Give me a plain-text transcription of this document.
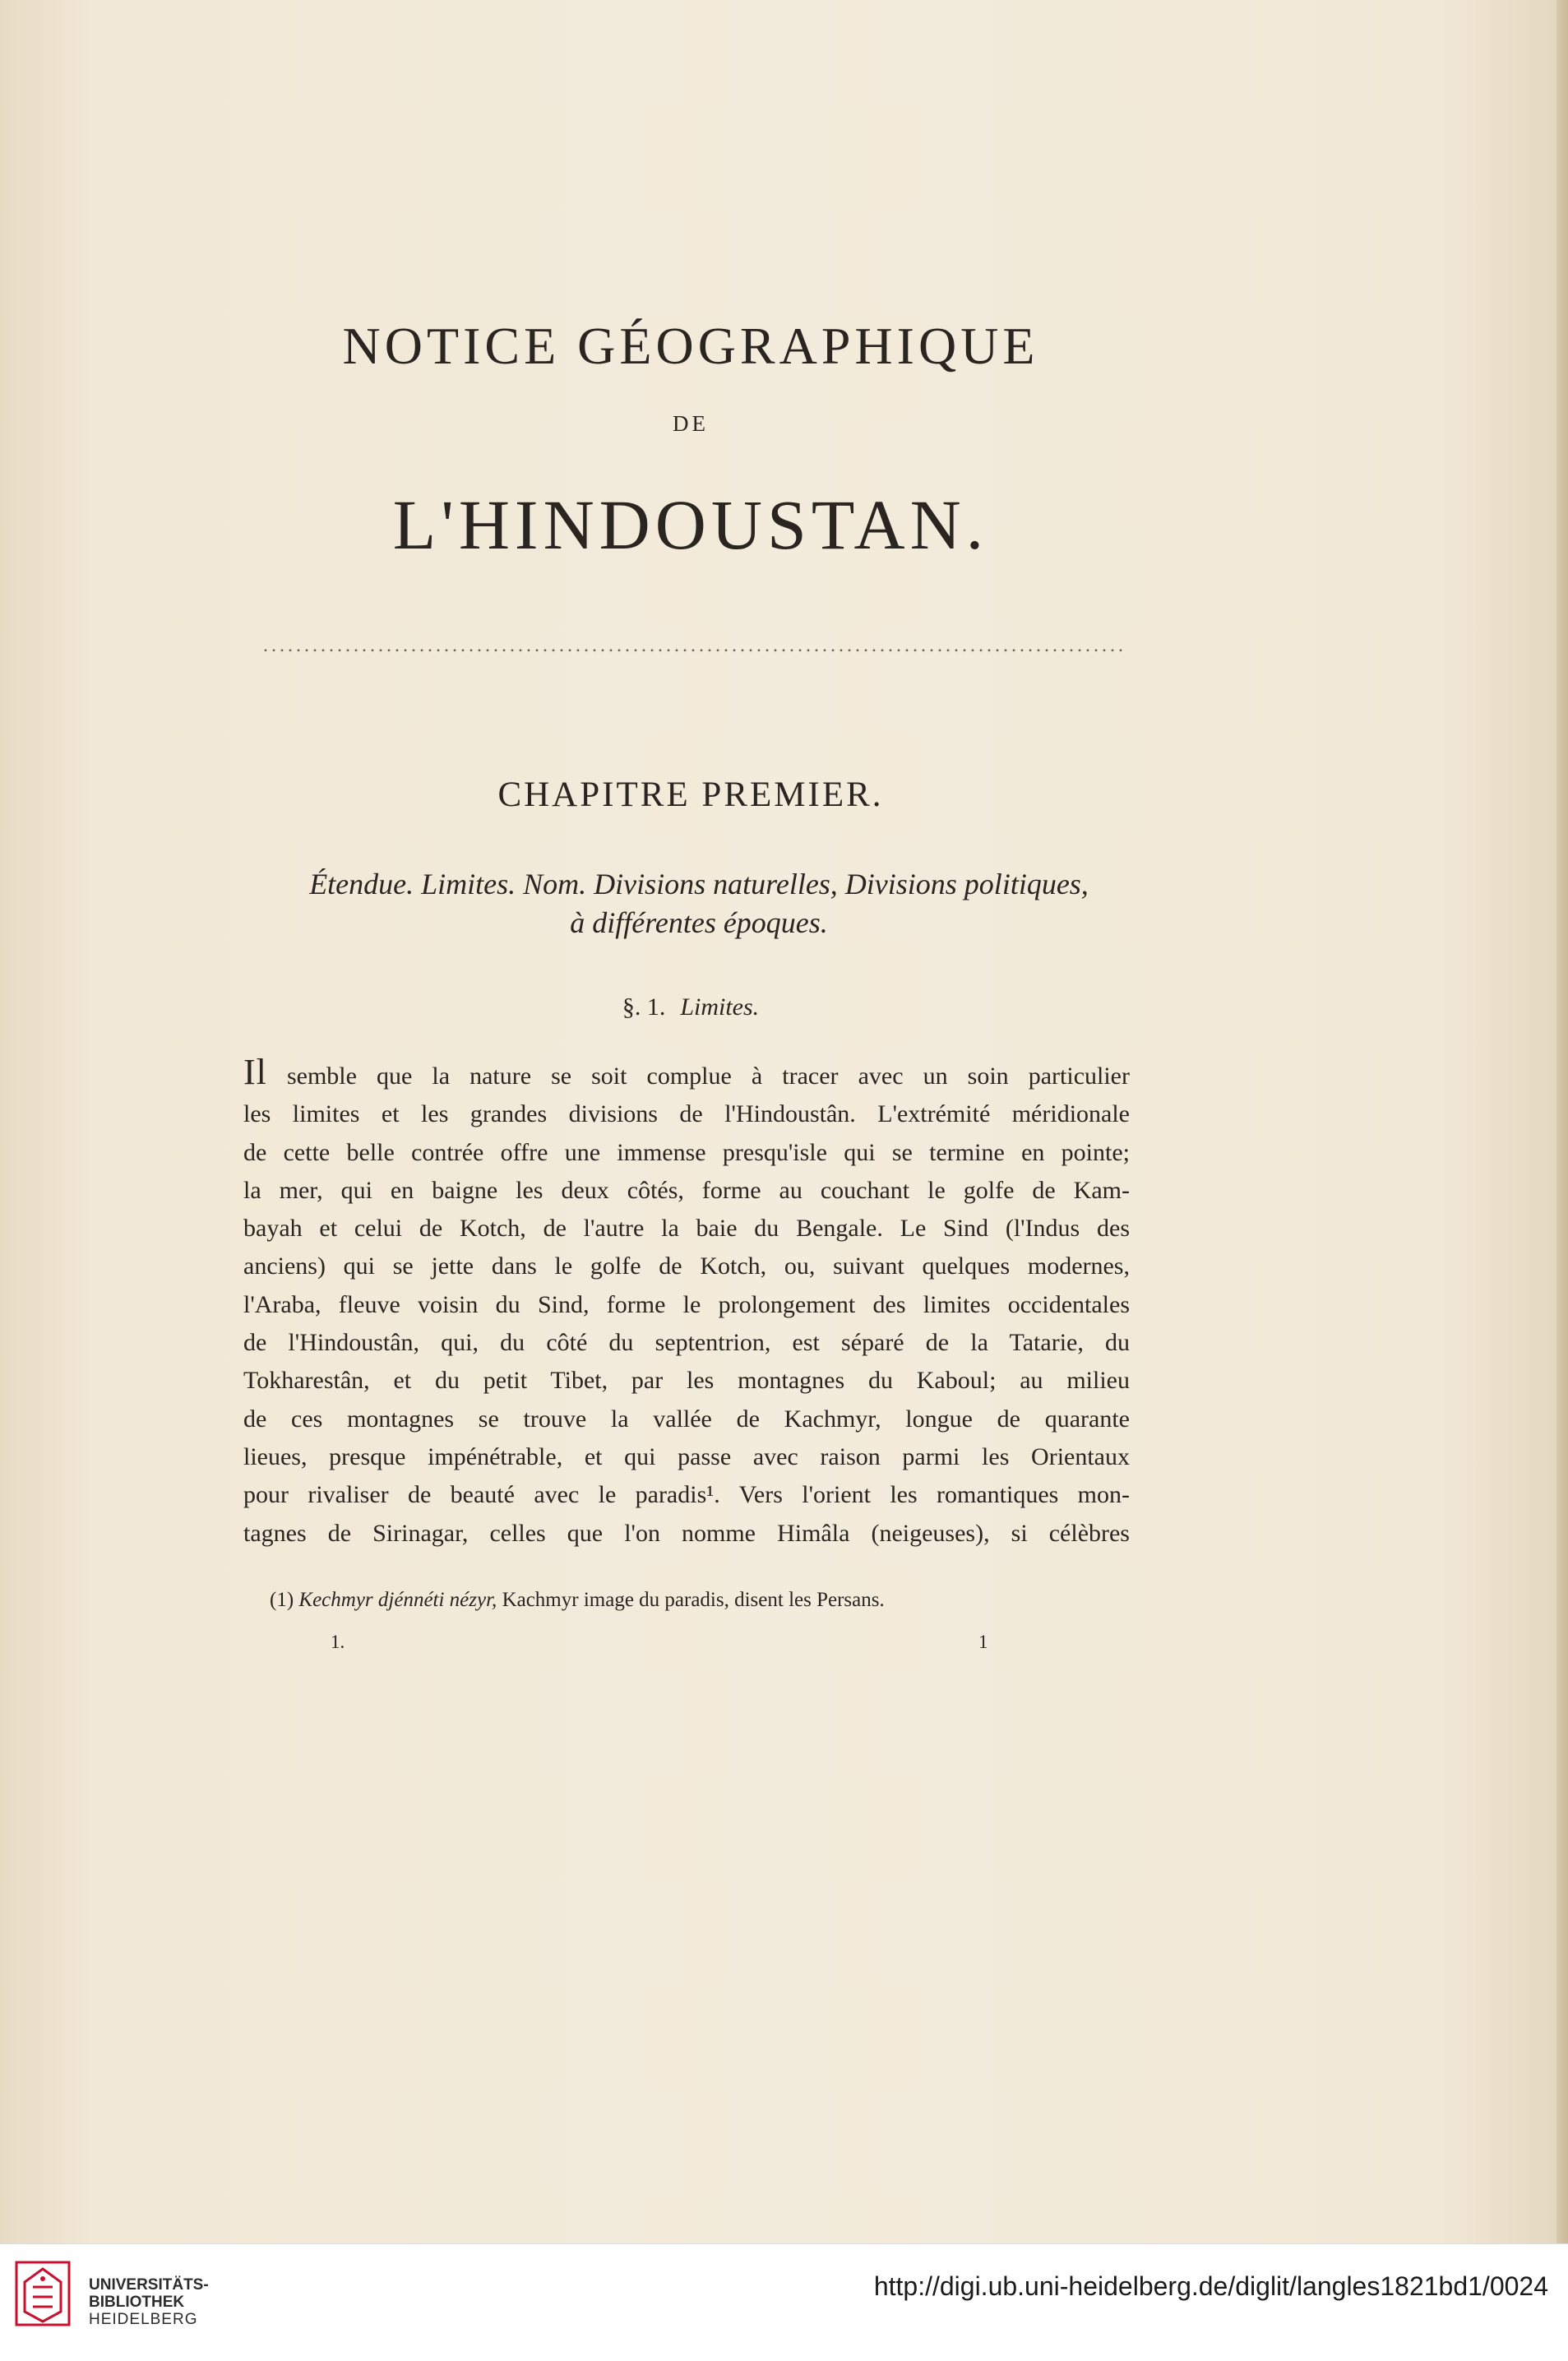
NOTICE GÉOGRAPHIQUE

DE

L'HINDOUSTAN.
CHAPITRE PREMIER.
Étendue. Limites. Nom. Divisions naturelles, Divisions politiques,
à différentes époques.

§. 1. Limites.

Il semble que la nature se soit complue à tracer avec un soin particulier
les limites et les grandes divisions de l'Hindoustân. L'extrémité méridionale
de cette belle contrée offre une immense presqu'isle qui se termine en pointe;
la mer, qui en baigne les deux côtés, forme au couchant le golfe de Kam-
bayah et celui de Kotch, de l'autre la baie du Bengale. Le Sind (l'Indus des
anciens) qui se jette dans le golfe de Kotch, ou, suivant quelques modernes,
l'Araba, fleuve voisin du Sind, forme le prolongement des limites occidentales
de l'Hindoustân, qui, du côté du septentrion, est séparé de la Tatarie, du
Tokharestân, et du petit Tibet, par les montagnes du Kaboul; au milieu
de ces montagnes se trouve la vallée de Kachmyr, longue de quarante
lieues, presque impénétrable, et qui passe avec raison parmi les Orientaux
pour rivaliser de beauté avec le paradis¹. Vers l'orient les romantiques mon-
tagnes de Sirinagar, celles que l'on nomme Himâla (neigeuses), si célèbres

(1) Kechmyr djénnéti nézyr, Kachmyr image du paradis, disent les Persans.

1.	1

UNIVERSITÄTS-
BIBLIOTHEK
HEIDELBERG

http://digi.ub.uni-heidelberg.de/diglit/langles1821bd1/0024
